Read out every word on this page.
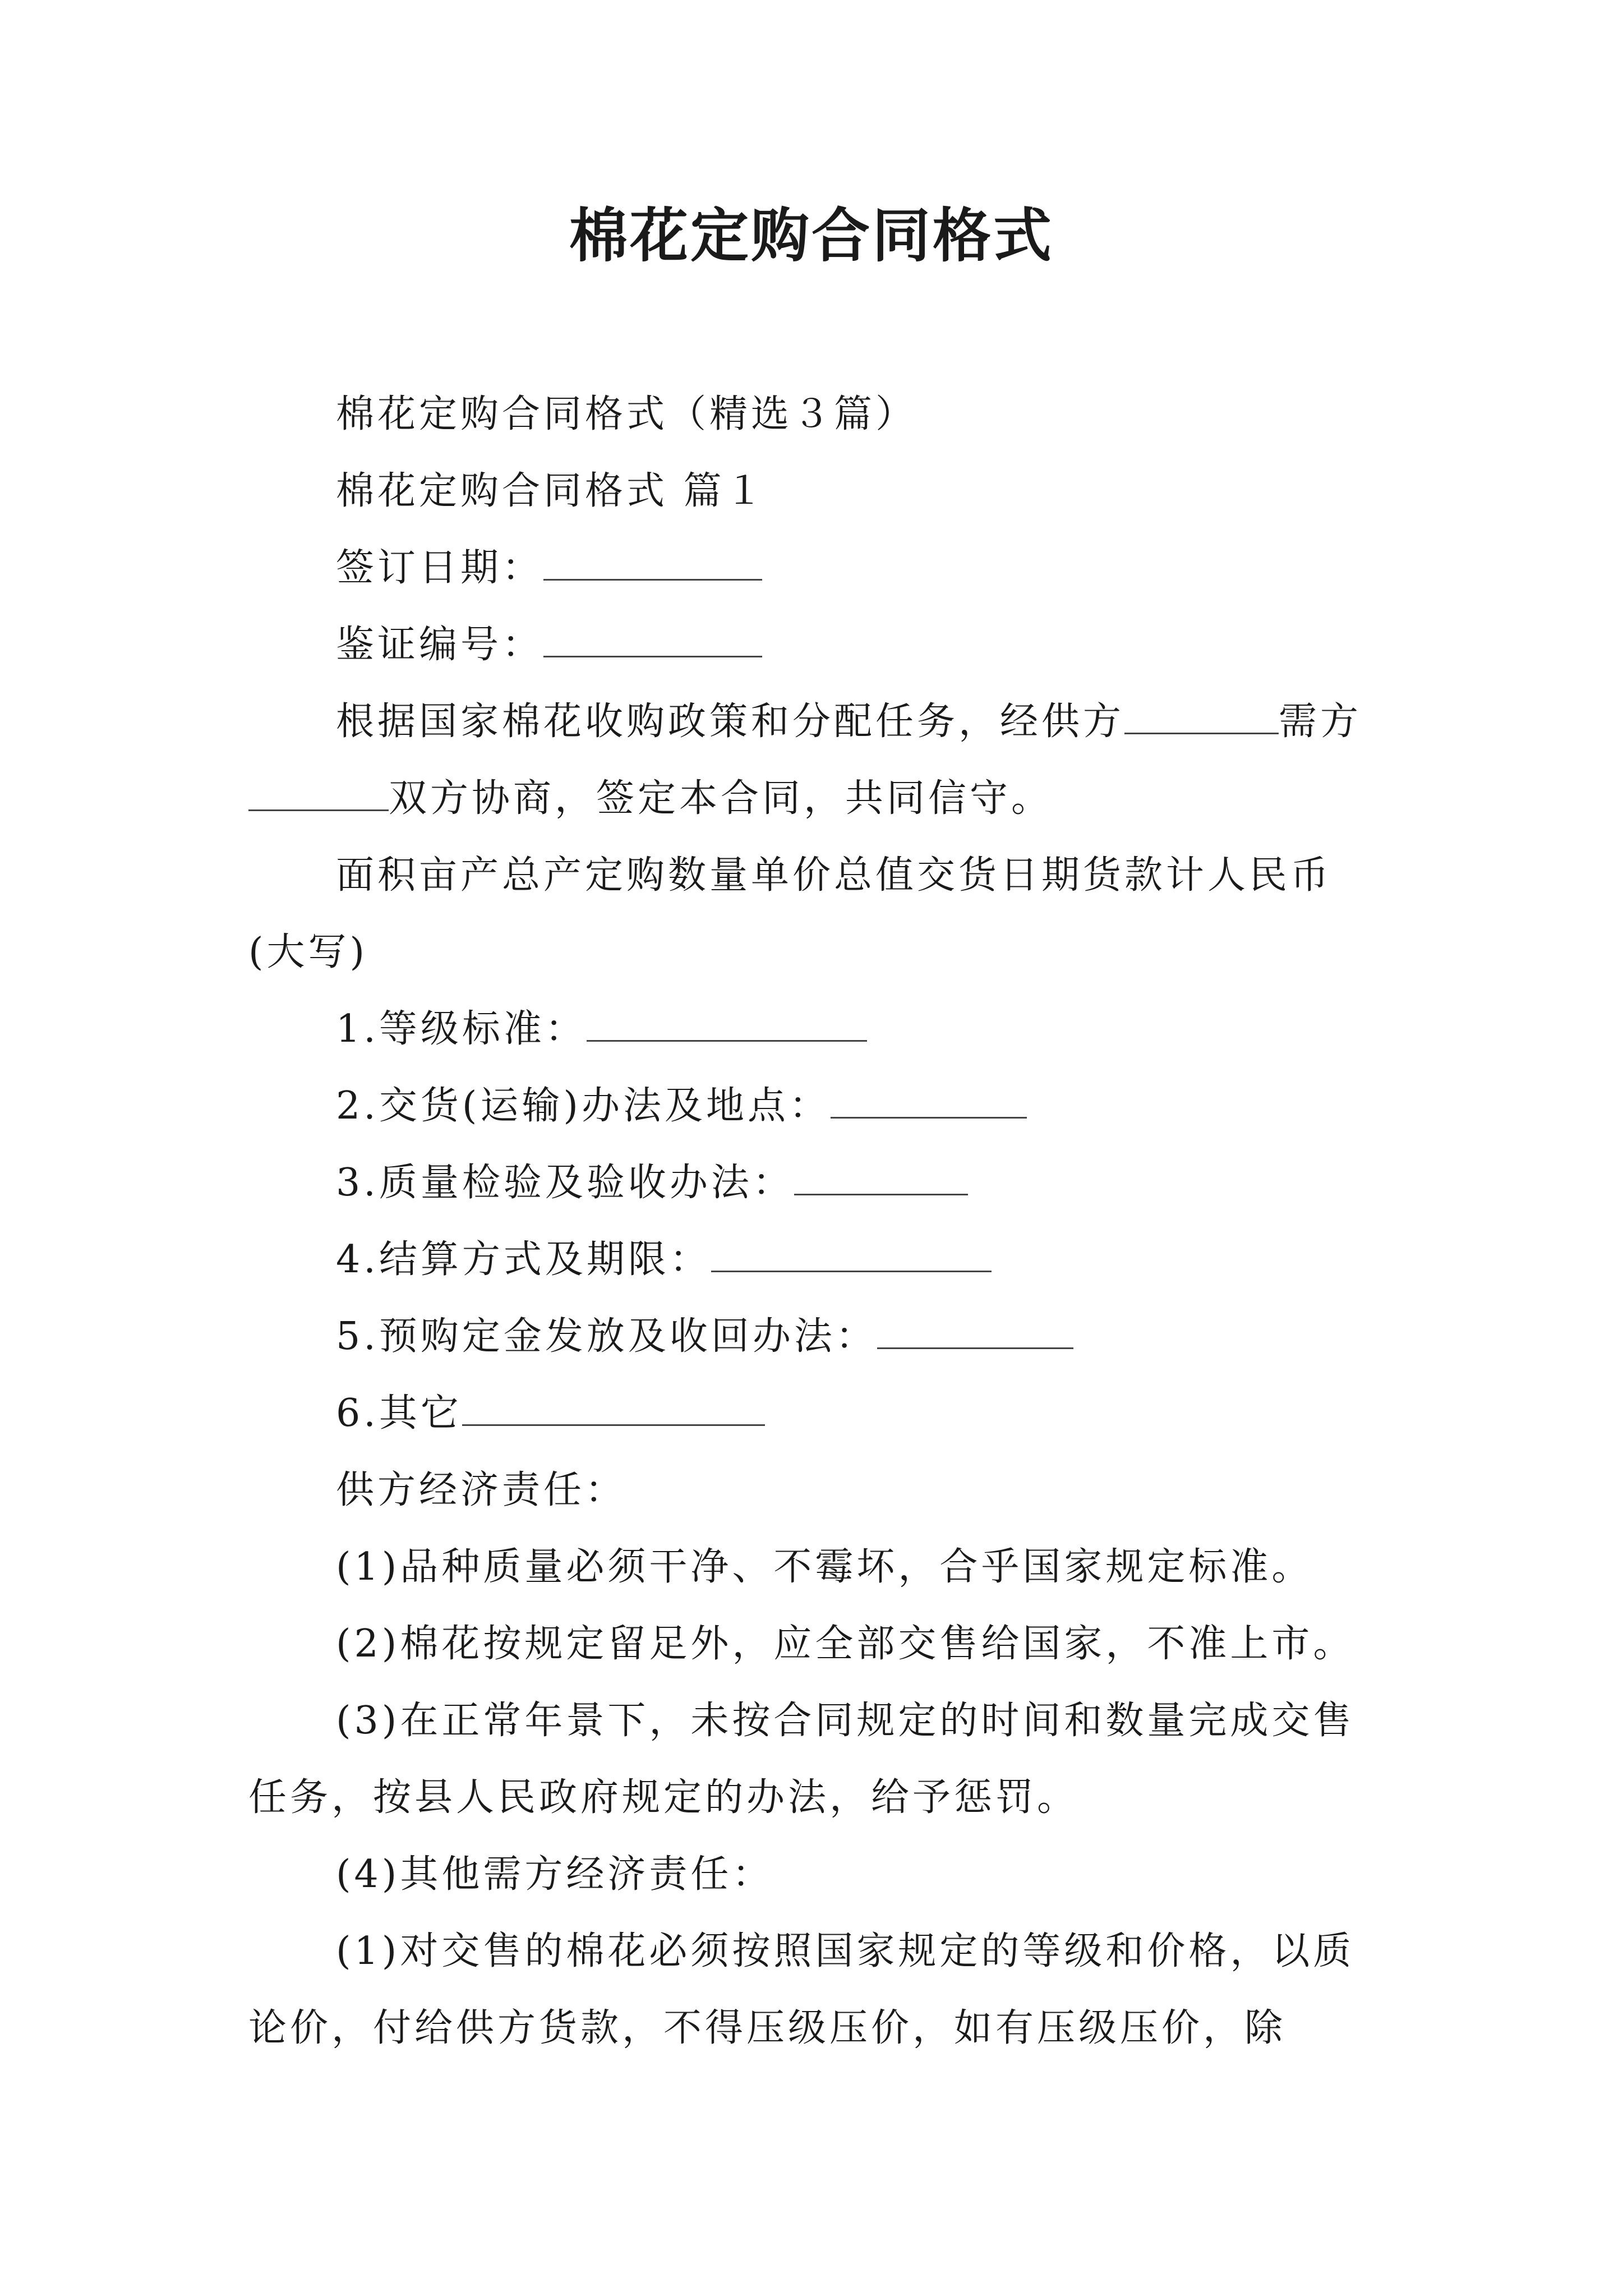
棉花定购合同格式

棉花定购合同格式（精选３篇）

棉花定购合同格式 篇１

签订日期：

鉴证编号：

根据国家棉花收购政策和分配任务，经供方	需方双方协商，签定本合同，共同信守。

面积亩产总产定购数量单价总值交货日期货款计人民币(大写)

1.等级标准：

2.交货(运输)办法及地点：

3.质量检验及验收办法：

4.结算方式及期限：

5.预购定金发放及收回办法：

6.其它

供方经济责任：

(1)品种质量必须干净、不霉坏，合乎国家规定标准。

(2)棉花按规定留足外，应全部交售给国家，不准上市。

(3)在正常年景下，未按合同规定的时间和数量完成交售任务，按县人民政府规定的办法，给予惩罚。

(4)其他需方经济责任：

(1)对交售的棉花必须按照国家规定的等级和价格，以质论价，付给供方货款，不得压级压价，如有压级压价，除
